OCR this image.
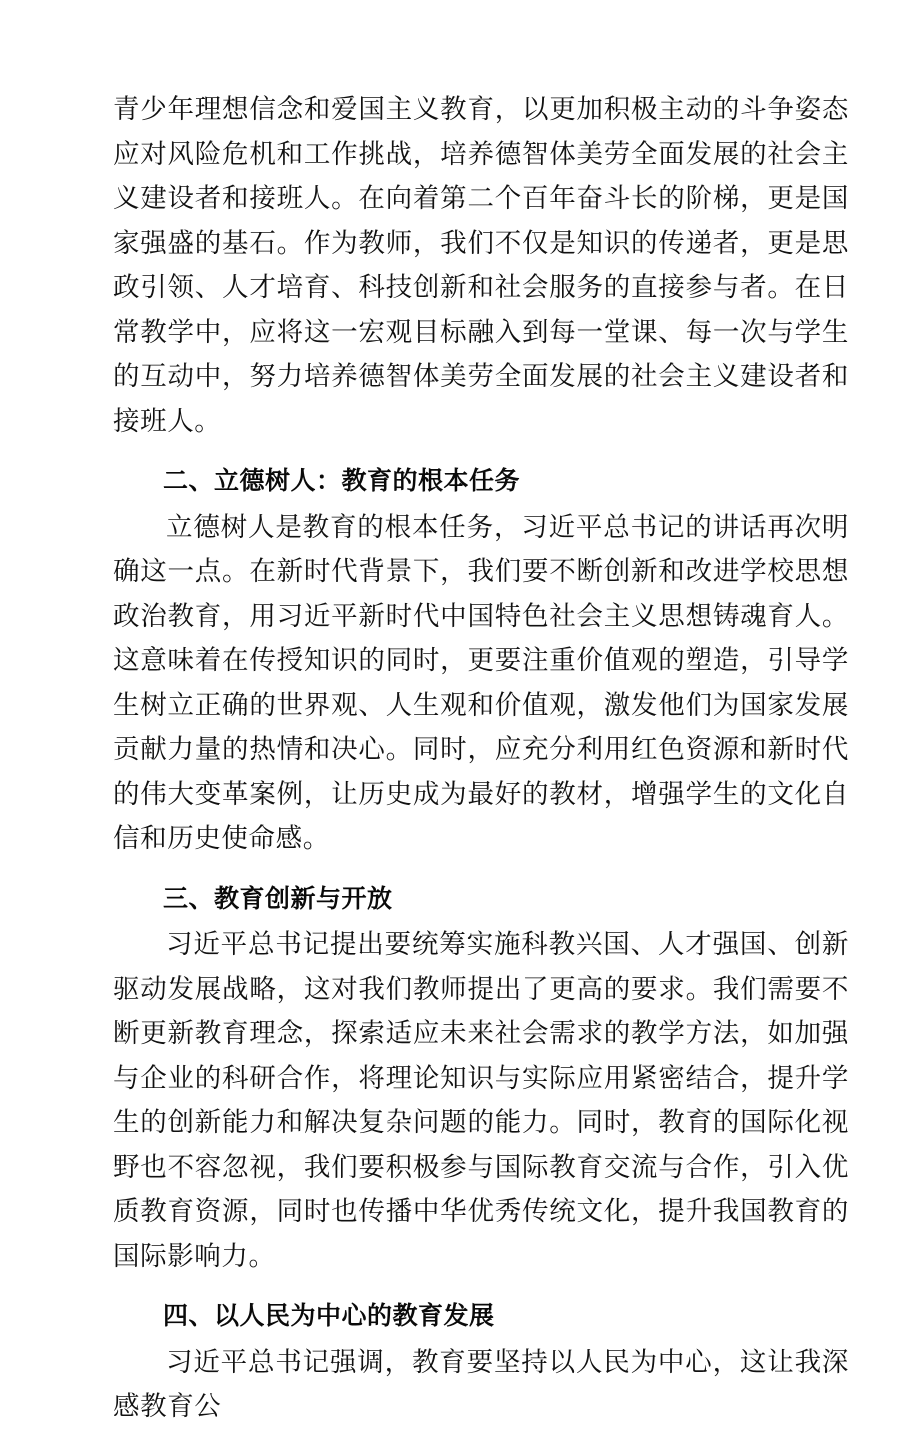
青少年理想信念和爱国主义教育，以更加积极主动的斗争姿态应对风险危机和工作挑战，培养德智体美劳全面发展的社会主义建设者和接班人。在向着第二个百年奋斗长的阶梯，更是国家强盛的基石。作为教师，我们不仅是知识的传递者，更是思政引领、人才培育、科技创新和社会服务的直接参与者。在日常教学中，应将这一宏观目标融入到每一堂课、每一次与学生的互动中，努力培养德智体美劳全面发展的社会主义建设者和接班人。

二、立德树人：教育的根本任务

立德树人是教育的根本任务，习近平总书记的讲话再次明确这一点。在新时代背景下，我们要不断创新和改进学校思想政治教育，用习近平新时代中国特色社会主义思想铸魂育人。这意味着在传授知识的同时，更要注重价值观的塑造，引导学生树立正确的世界观、人生观和价值观，激发他们为国家发展贡献力量的热情和决心。同时，应充分利用红色资源和新时代的伟大变革案例，让历史成为最好的教材，增强学生的文化自信和历史使命感。

三、教育创新与开放

习近平总书记提出要统筹实施科教兴国、人才强国、创新驱动发展战略，这对我们教师提出了更高的要求。我们需要不断更新教育理念，探索适应未来社会需求的教学方法，如加强与企业的科研合作，将理论知识与实际应用紧密结合，提升学生的创新能力和解决复杂问题的能力。同时，教育的国际化视野也不容忽视，我们要积极参与国际教育交流与合作，引入优质教育资源，同时也传播中华优秀传统文化，提升我国教育的国际影响力。

四、以人民为中心的教育发展

习近平总书记强调，教育要坚持以人民为中心，这让我深感教育公
